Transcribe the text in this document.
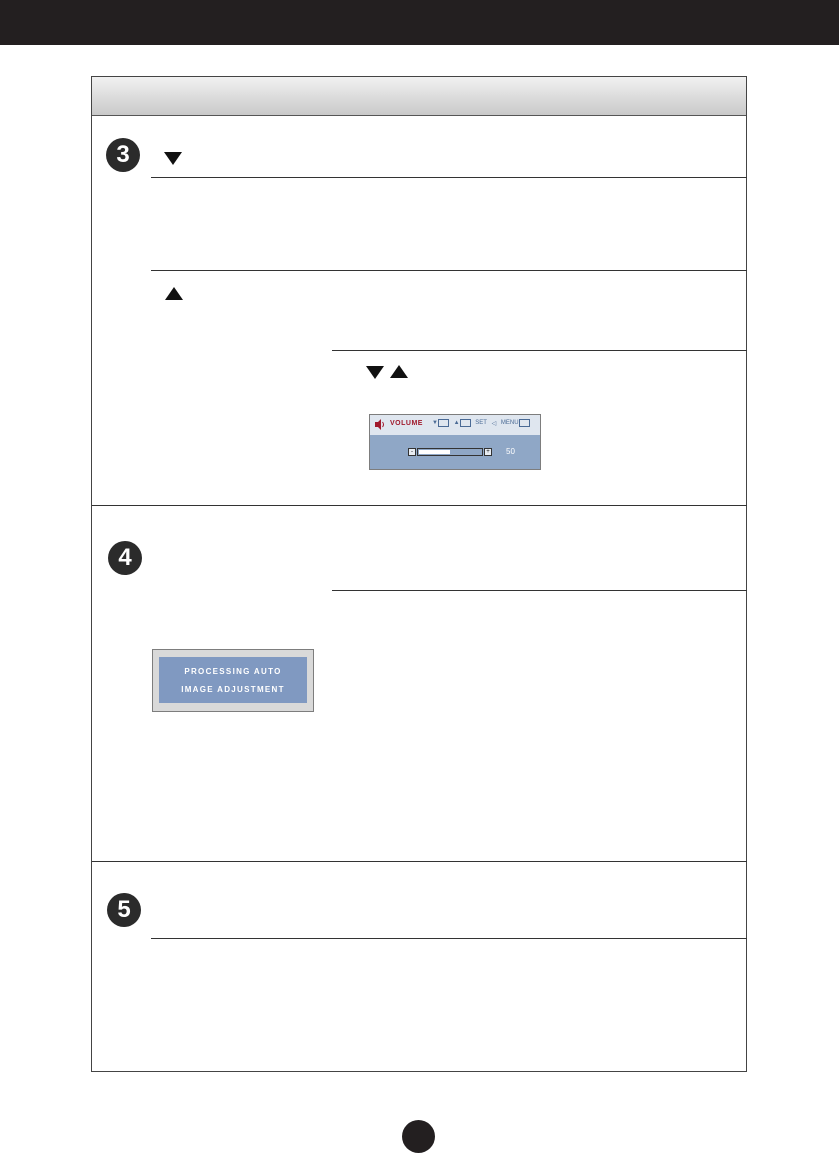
3
VOLUME ▼	▲	SET ◁ MENU
-	+ 50
4
PROCESSING AUTO
IMAGE ADJUSTMENT
5
